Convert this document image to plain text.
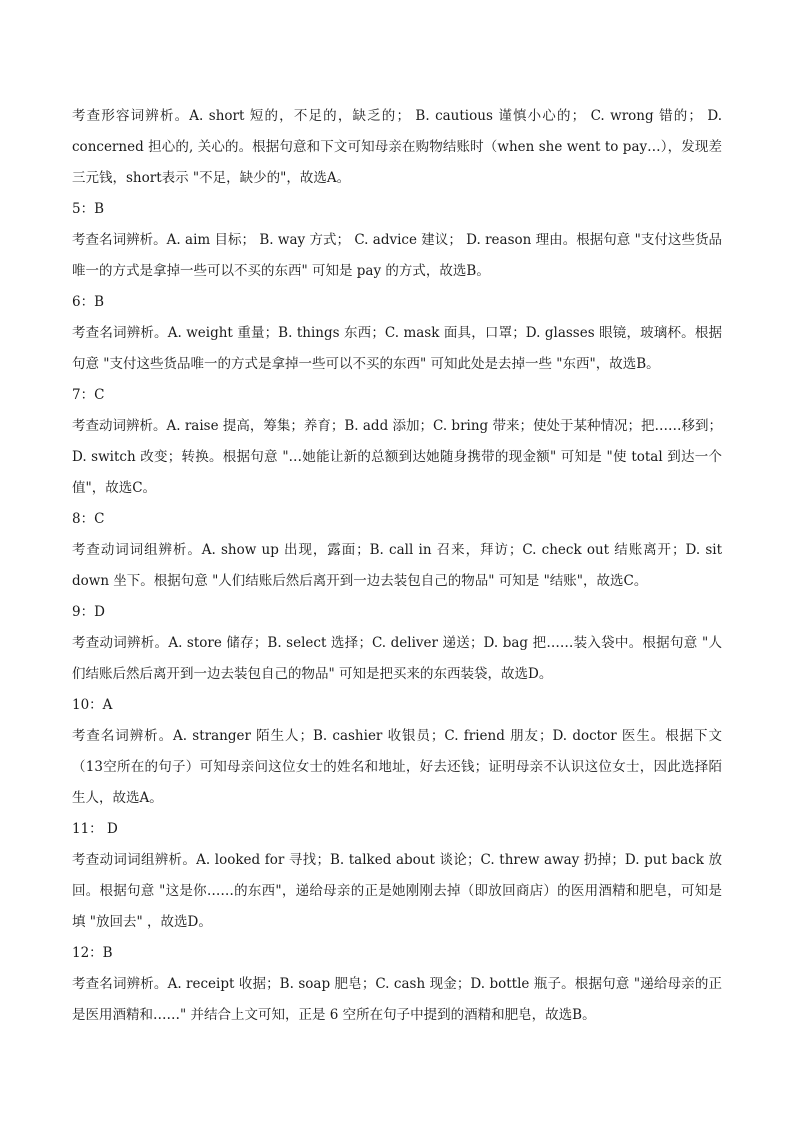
考查形容词辨析。A. short 短的，不足的，缺乏的； B. cautious 谨慎小心的； C. wrong 错的； D. concerned 担心的, 关心的。根据句意和下文可知母亲在购物结账时（when she went to pay…），发现差三元钱，short表示 "不足，缺少的"，故选A。

5：B

考查名词辨析。A. aim 目标； B. way 方式； C. advice 建议； D. reason 理由。根据句意 "支付这些货品唯一的方式是拿掉一些可以不买的东西" 可知是 pay 的方式，故选B。

6：B

考查名词辨析。A. weight 重量；B. things 东西；C. mask 面具，口罩；D. glasses 眼镜，玻璃杯。根据句意 "支付这些货品唯一的方式是拿掉一些可以不买的东西" 可知此处是去掉一些 "东西"，故选B。

7：C

考查动词辨析。A. raise 提高，筹集；养育；B. add 添加；C. bring 带来；使处于某种情况；把……移到；D. switch 改变；转换。根据句意 "…她能让新的总额到达她随身携带的现金额" 可知是 "使 total 到达一个值"，故选C。

8：C

考查动词词组辨析。A. show up 出现，露面；B. call in 召来，拜访；C. check out 结账离开；D. sit down 坐下。根据句意 "人们结账后然后离开到一边去装包自己的物品" 可知是 "结账"，故选C。

9：D

考查动词辨析。A. store 储存；B. select 选择；C. deliver 递送；D. bag 把……装入袋中。根据句意 "人们结账后然后离开到一边去装包自己的物品" 可知是把买来的东西装袋，故选D。

10：A

考查名词辨析。A. stranger 陌生人；B. cashier 收银员；C. friend 朋友；D. doctor 医生。根据下文（13空所在的句子）可知母亲问这位女士的姓名和地址，好去还钱；证明母亲不认识这位女士，因此选择陌生人，故选A。

11： D

考查动词词组辨析。A. looked for 寻找；B. talked about 谈论；C. threw away 扔掉；D. put back 放回。根据句意 "这是你……的东西"，递给母亲的正是她刚刚去掉（即放回商店）的医用酒精和肥皂，可知是填 "放回去" ，故选D。

12：B

考查名词辨析。A. receipt 收据；B. soap 肥皂；C. cash 现金；D. bottle 瓶子。根据句意 "递给母亲的正是医用酒精和……" 并结合上文可知，正是 6 空所在句子中提到的酒精和肥皂，故选B。
